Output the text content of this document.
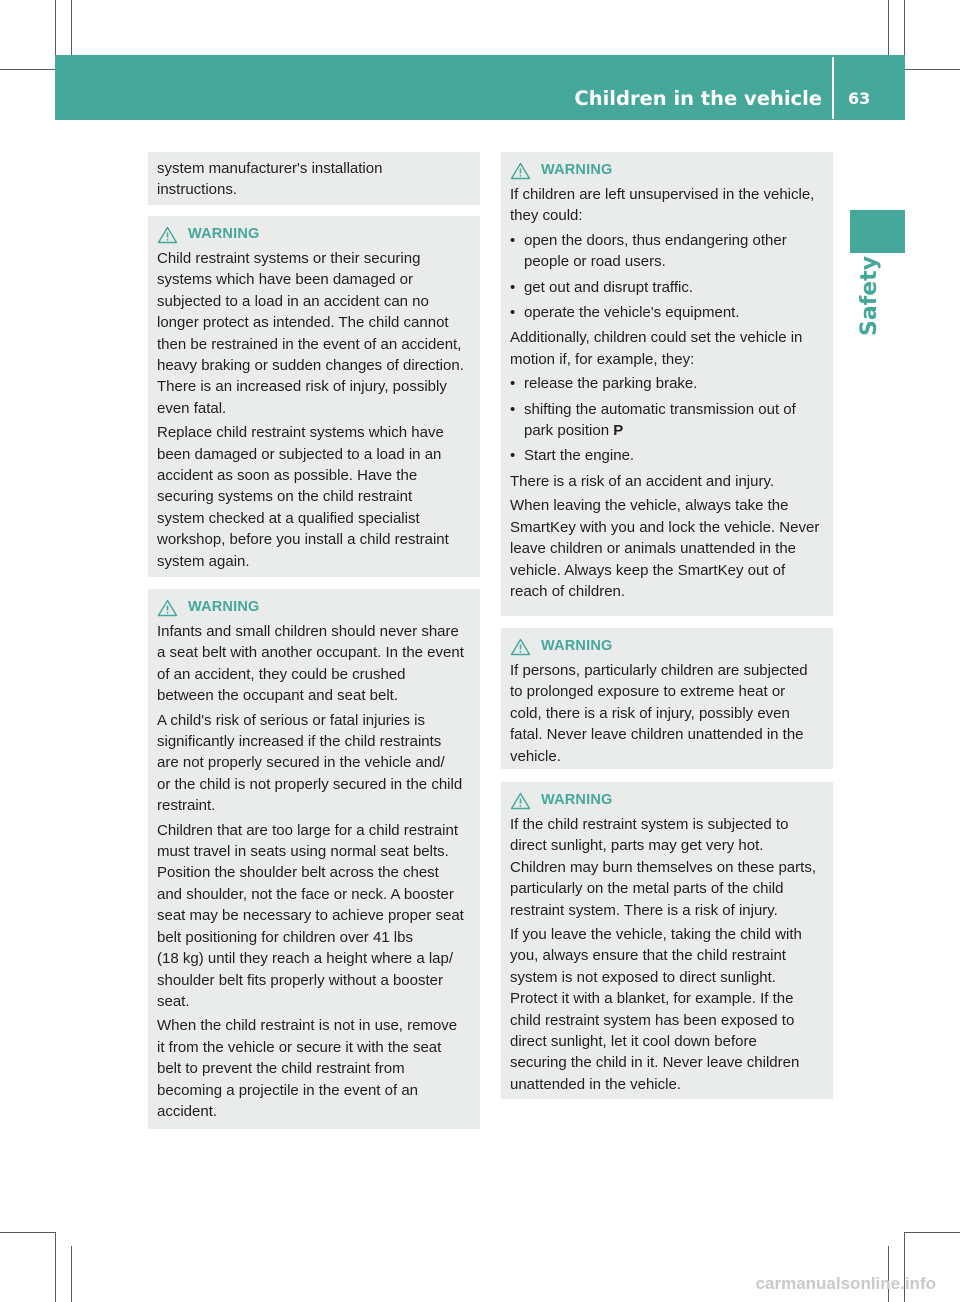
Children in the vehicle 63
Safety

system manufacturer's installation
instructions.

WARNING

Child restraint systems or their securing
systems which have been damaged or
subjected to a load in an accident can no
longer protect as intended. The child cannot
then be restrained in the event of an accident,
heavy braking or sudden changes of direction.
There is an increased risk of injury, possibly
even fatal.

Replace child restraint systems which have
been damaged or subjected to a load in an
accident as soon as possible. Have the
securing systems on the child restraint
system checked at a qualified specialist
workshop, before you install a child restraint
system again.

WARNING

Infants and small children should never share
a seat belt with another occupant. In the event
of an accident, they could be crushed
between the occupant and seat belt.

A child's risk of serious or fatal injuries is
significantly increased if the child restraints
are not properly secured in the vehicle and/
or the child is not properly secured in the child
restraint.

Children that are too large for a child restraint
must travel in seats using normal seat belts.
Position the shoulder belt across the chest
and shoulder, not the face or neck. A booster
seat may be necessary to achieve proper seat
belt positioning for children over 41 lbs
(18 kg) until they reach a height where a lap/
shoulder belt fits properly without a booster
seat.

When the child restraint is not in use, remove
it from the vehicle or secure it with the seat
belt to prevent the child restraint from
becoming a projectile in the event of an
accident.

WARNING

If children are left unsupervised in the vehicle,
they could:

• open the doors, thus endangering other
people or road users.
• get out and disrupt traffic.
• operate the vehicle's equipment.

Additionally, children could set the vehicle in
motion if, for example, they:

• release the parking brake.
• shifting the automatic transmission out of
park position P
• Start the engine.

There is a risk of an accident and injury.

When leaving the vehicle, always take the
SmartKey with you and lock the vehicle. Never
leave children or animals unattended in the
vehicle. Always keep the SmartKey out of
reach of children.

WARNING

If persons, particularly children are subjected
to prolonged exposure to extreme heat or
cold, there is a risk of injury, possibly even
fatal. Never leave children unattended in the
vehicle.

WARNING

If the child restraint system is subjected to
direct sunlight, parts may get very hot.
Children may burn themselves on these parts,
particularly on the metal parts of the child
restraint system. There is a risk of injury.

If you leave the vehicle, taking the child with
you, always ensure that the child restraint
system is not exposed to direct sunlight.
Protect it with a blanket, for example. If the
child restraint system has been exposed to
direct sunlight, let it cool down before
securing the child in it. Never leave children
unattended in the vehicle.

carmanualsonline.info
